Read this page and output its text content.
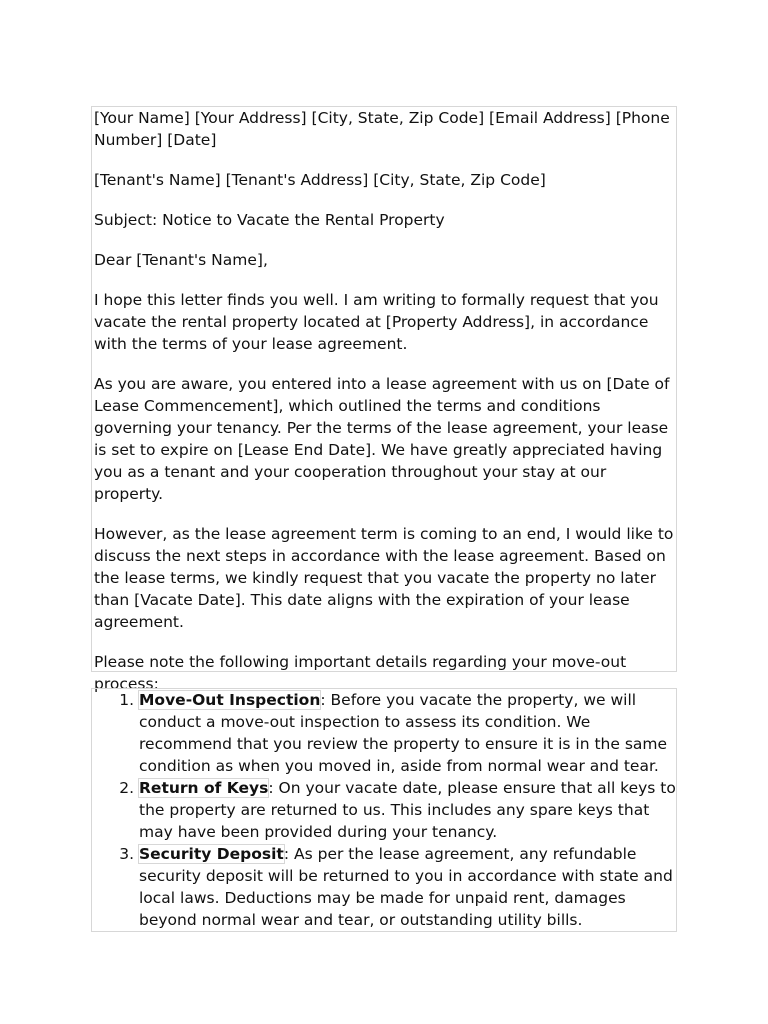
[Your Name] [Your Address] [City, State, Zip Code] [Email Address] [Phone Number] [Date]

[Tenant's Name] [Tenant's Address] [City, State, Zip Code]

Subject: Notice to Vacate the Rental Property

Dear [Tenant's Name],

I hope this letter finds you well. I am writing to formally request that you vacate the rental property located at [Property Address], in accordance with the terms of your lease agreement.

As you are aware, you entered into a lease agreement with us on [Date of Lease Commencement], which outlined the terms and conditions governing your tenancy. Per the terms of the lease agreement, your lease is set to expire on [Lease End Date]. We have greatly appreciated having you as a tenant and your cooperation throughout your stay at our property.

However, as the lease agreement term is coming to an end, I would like to discuss the next steps in accordance with the lease agreement. Based on the lease terms, we kindly request that you vacate the property no later than [Vacate Date]. This date aligns with the expiration of your lease agreement.

Please note the following important details regarding your move-out process:

1. Move-Out Inspection: Before you vacate the property, we will conduct a move-out inspection to assess its condition. We recommend that you review the property to ensure it is in the same condition as when you moved in, aside from normal wear and tear.
2. Return of Keys: On your vacate date, please ensure that all keys to the property are returned to us. This includes any spare keys that may have been provided during your tenancy.
3. Security Deposit: As per the lease agreement, any refundable security deposit will be returned to you in accordance with state and local laws. Deductions may be made for unpaid rent, damages beyond normal wear and tear, or outstanding utility bills.
